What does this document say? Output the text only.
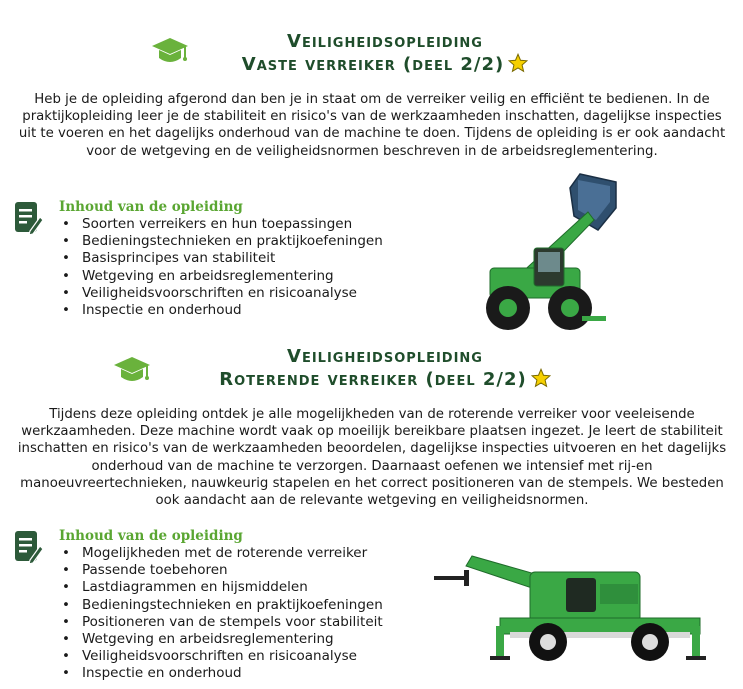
Veiligheidsopleiding
Vaste verreiker (deel 2/2)
Heb je de opleiding afgerond dan ben je in staat om de verreiker veilig en efficiënt te bedienen. In de praktijkopleiding leer je de stabiliteit en risico's van de werkzaamheden inschatten, dagelijkse inspecties uit te voeren en het dagelijks onderhoud van de machine te doen. Tijdens de opleiding is er ook aandacht voor de wetgeving en de veiligheidsnormen beschreven in de arbeidsreglementering.
Inhoud van de opleiding
• Soorten verreikers en hun toepassingen
• Bedieningstechnieken en praktijkoefeningen
• Basisprincipes van stabiliteit
• Wetgeving en arbeidsreglementering
• Veiligheidsvoorschriften en risicoanalyse
• Inspectie en onderhoud
Veiligheidsopleiding
Roterende verreiker (deel 2/2)
Tijdens deze opleiding ontdek je alle mogelijkheden van de roterende verreiker voor veeleisende werkzaamheden. Deze machine wordt vaak op moeilijk bereikbare plaatsen ingezet. Je leert de stabiliteit inschatten en risico's van de werkzaamheden beoordelen, dagelijkse inspecties uitvoeren en het dagelijks onderhoud van de machine te verzorgen. Daarnaast oefenen we intensief met rij-en manoeuvreertechnieken, nauwkeurig stapelen en het correct positioneren van de stempels. We besteden ook aandacht aan de relevante wetgeving en veiligheidsnormen.
Inhoud van de opleiding
• Mogelijkheden met de roterende verreiker
• Passende toebehoren
• Lastdiagrammen en hijsmiddelen
• Bedieningstechnieken en praktijkoefeningen
• Positioneren van de stempels voor stabiliteit
• Wetgeving en arbeidsreglementering
• Veiligheidsvoorschriften en risicoanalyse
• Inspectie en onderhoud
